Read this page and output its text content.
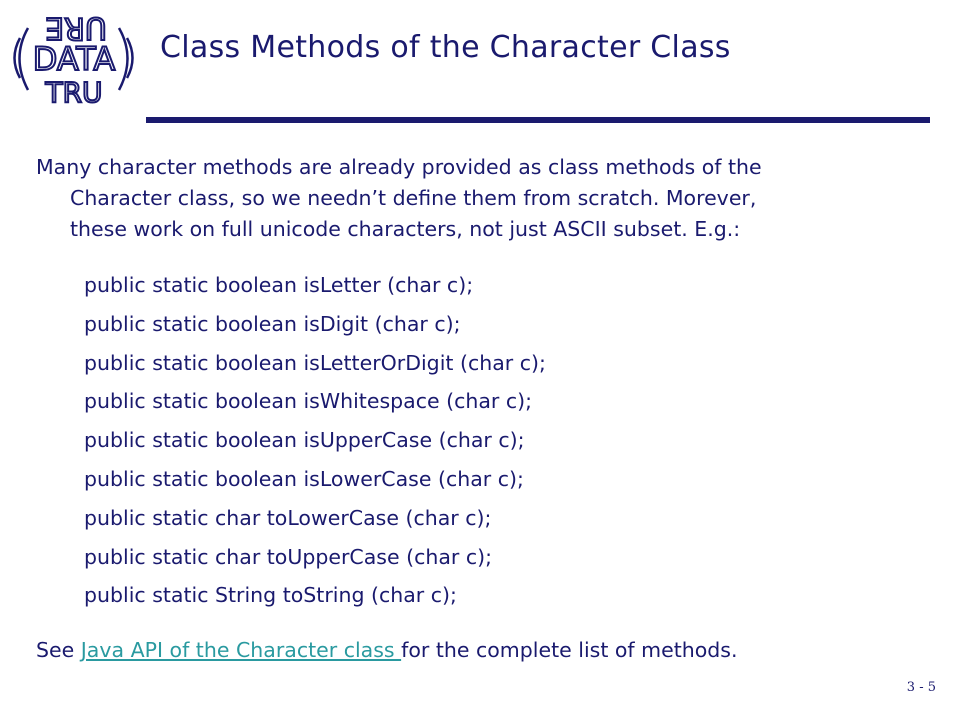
URE
DATA
TRU
Class Methods of the Character Class
Many character methods are already provided as class methods of the
Character class, so we needn’t define them from scratch. Morever,
these work on full unicode characters, not just ASCII subset. E.g.:
public static boolean isLetter (char c);
public static boolean isDigit (char c);
public static boolean isLetterOrDigit (char c);
public static boolean isWhitespace (char c);
public static boolean isUpperCase (char c);
public static boolean isLowerCase (char c);
public static char toLowerCase (char c);
public static char toUpperCase (char c);
public static String toString (char c);
See Java API of the Character class for the complete list of methods.
3 - 5
